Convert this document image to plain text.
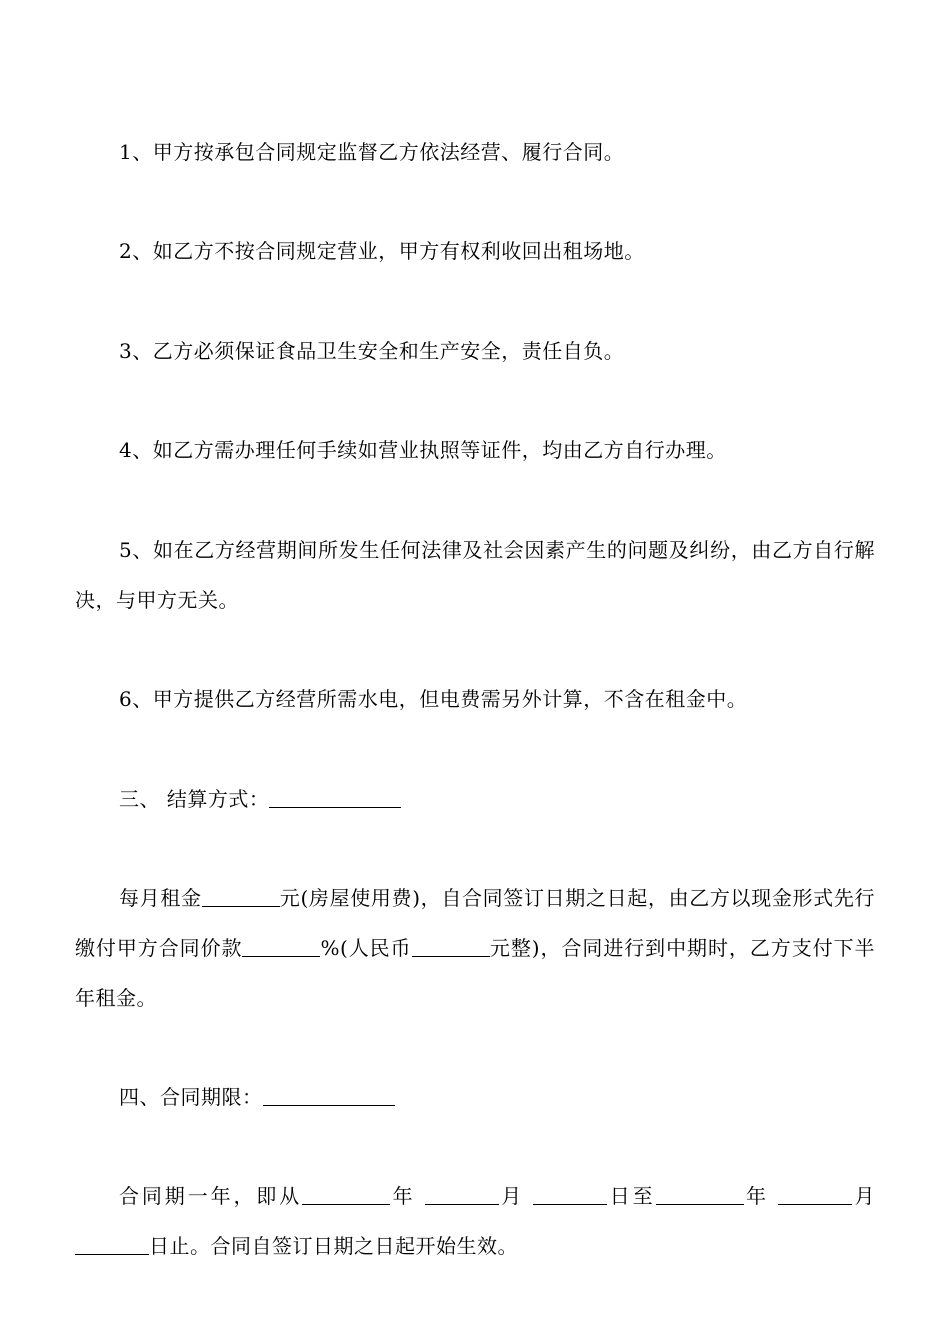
1、甲方按承包合同规定监督乙方依法经营、履行合同。

2、如乙方不按合同规定营业，甲方有权利收回出租场地。

3、乙方必须保证食品卫生安全和生产安全，责任自负。

4、如乙方需办理任何手续如营业执照等证件，均由乙方自行办理。

5、如在乙方经营期间所发生任何法律及社会因素产生的问题及纠纷，由乙方自行解决，与甲方无关。

6、甲方提供乙方经营所需水电，但电费需另外计算，不含在租金中。

三、 结算方式：

每月租金	元(房屋使用费)，自合同签订日期之日起，由乙方以现金形式先行缴付甲方合同价款	%(人民币	元整)，合同进行到中期时，乙方支付下半年租金。

四、合同期限：

合同期一年，即从	年	月	日至	年	月日止。合同自签订日期之日起开始生效。
